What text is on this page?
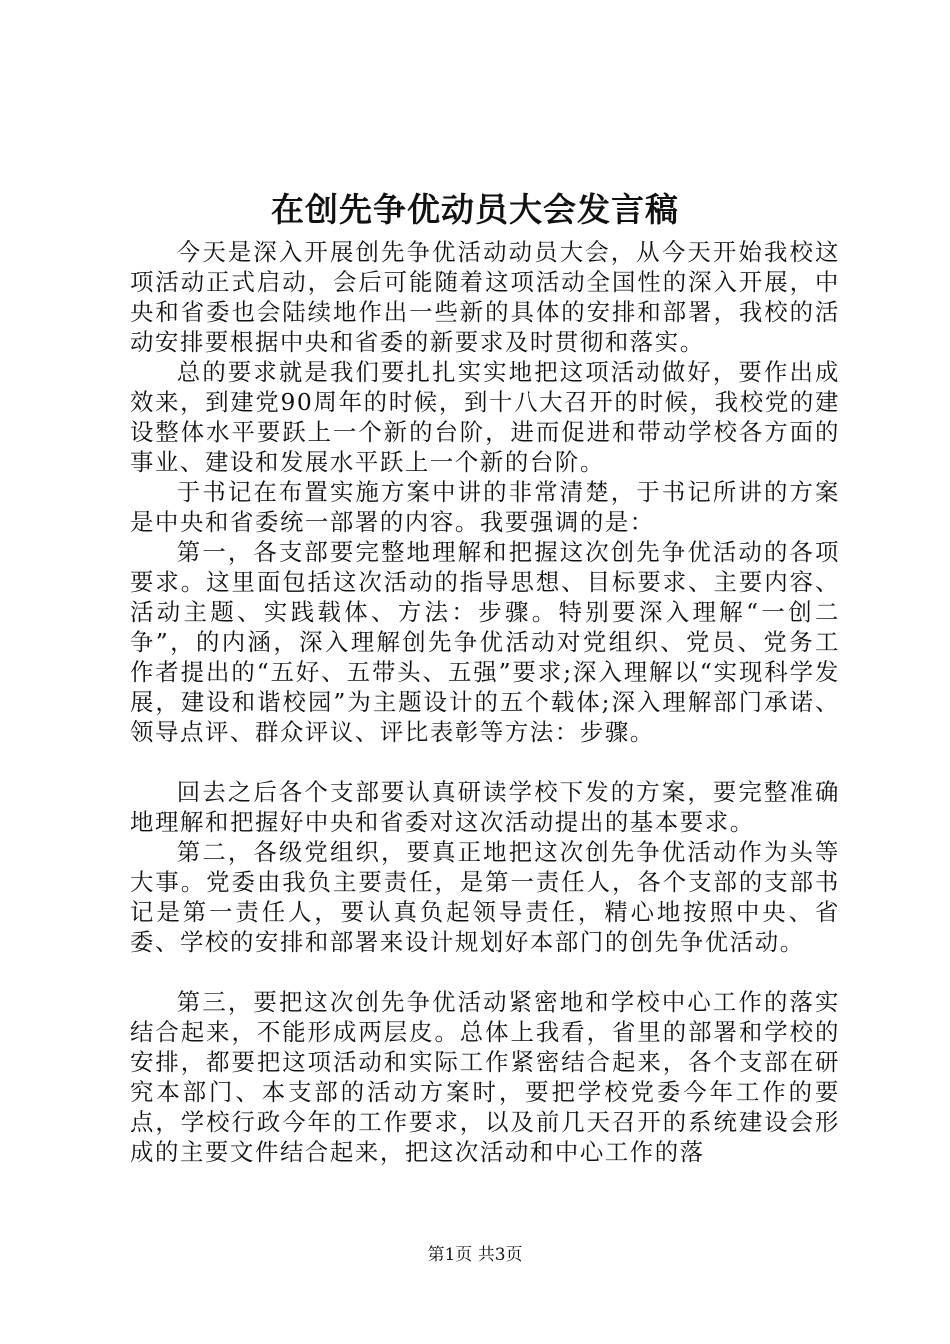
在创先争优动员大会发言稿

今天是深入开展创先争优活动动员大会，从今天开始我校这项活动正式启动，会后可能随着这项活动全国性的深入开展，中央和省委也会陆续地作出一些新的具体的安排和部署，我校的活动安排要根据中央和省委的新要求及时贯彻和落实。

总的要求就是我们要扎扎实实地把这项活动做好，要作出成效来，到建党90周年的时候，到十八大召开的时候，我校党的建设整体水平要跃上一个新的台阶，进而促进和带动学校各方面的事业、建设和发展水平跃上一个新的台阶。

于书记在布置实施方案中讲的非常清楚，于书记所讲的方案是中央和省委统一部署的内容。我要强调的是：

第一，各支部要完整地理解和把握这次创先争优活动的各项要求。这里面包括这次活动的指导思想、目标要求、主要内容、活动主题、实践载体、方法：步骤。特别要深入理解“一创二争”，的内涵，深入理解创先争优活动对党组织、党员、党务工作者提出的“五好、五带头、五强”要求;深入理解以“实现科学发展，建设和谐校园”为主题设计的五个载体;深入理解部门承诺、领导点评、群众评议、评比表彰等方法：步骤。

回去之后各个支部要认真研读学校下发的方案，要完整准确地理解和把握好中央和省委对这次活动提出的基本要求。

第二，各级党组织，要真正地把这次创先争优活动作为头等大事。党委由我负主要责任，是第一责任人，各个支部的支部书记是第一责任人，要认真负起领导责任，精心地按照中央、省委、学校的安排和部署来设计规划好本部门的创先争优活动。

第三，要把这次创先争优活动紧密地和学校中心工作的落实结合起来，不能形成两层皮。总体上我看，省里的部署和学校的安排，都要把这项活动和实际工作紧密结合起来，各个支部在研究本部门、本支部的活动方案时，要把学校党委今年工作的要点，学校行政今年的工作要求，以及前几天召开的系统建设会形成的主要文件结合起来，把这次活动和中心工作的落

第1页 共3页
